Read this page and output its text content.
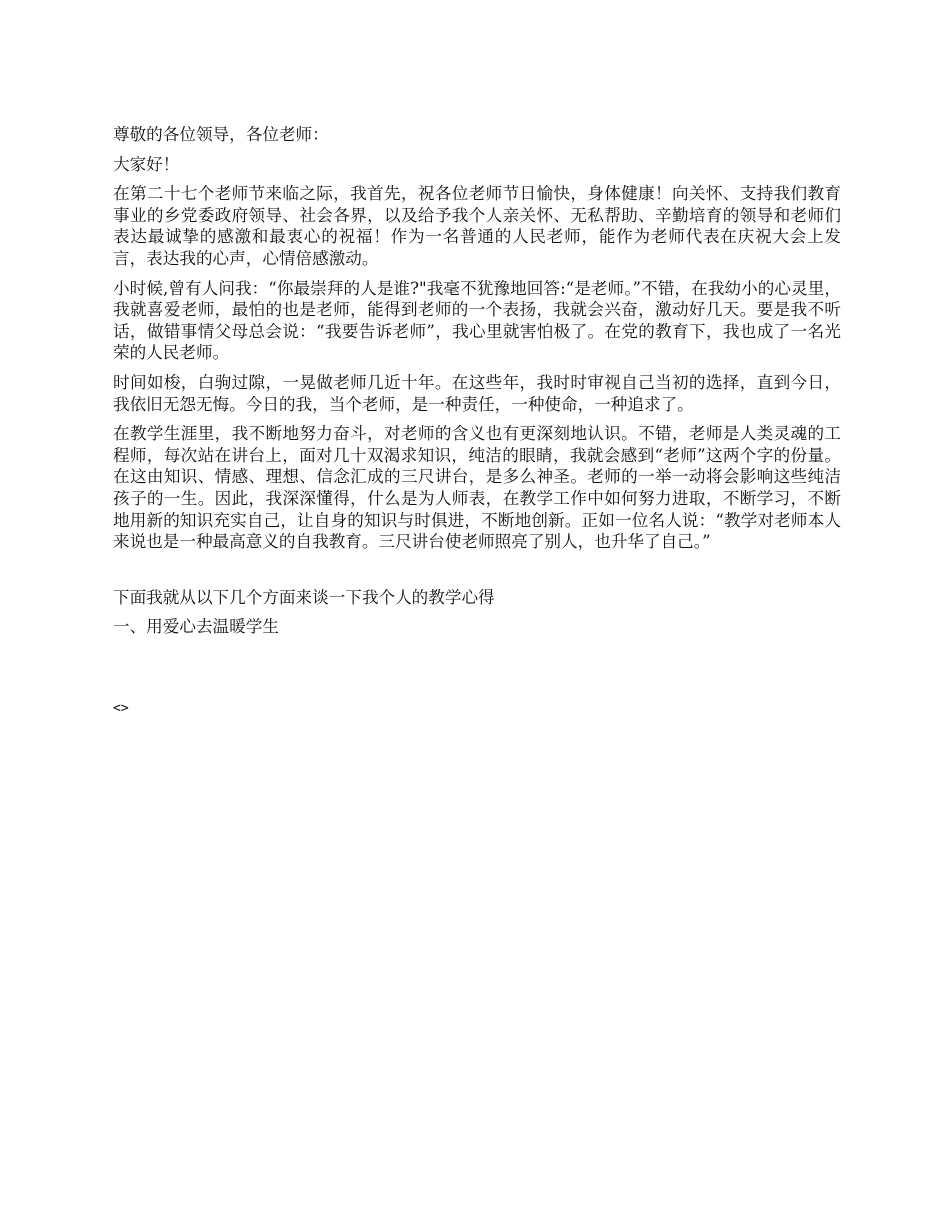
尊敬的各位领导，各位老师：

大家好！

在第二十七个老师节来临之际，我首先，祝各位老师节日愉快，身体健康！向关怀、支持我们教育事业的乡党委政府领导、社会各界，以及给予我个人亲关怀、无私帮助、辛勤培育的领导和老师们表达最诚挚的感激和最衷心的祝福！作为一名普通的人民老师，能作为老师代表在庆祝大会上发言，表达我的心声，心情倍感激动。

小时候,曾有人问我：“你最崇拜的人是谁?"我毫不犹豫地回答:“是老师。”不错，在我幼小的心灵里，我就喜爱老师，最怕的也是老师，能得到老师的一个表扬，我就会兴奋，激动好几天。要是我不听话，做错事情父母总会说：“我要告诉老师”，我心里就害怕极了。在党的教育下，我也成了一名光荣的人民老师。

时间如梭，白驹过隙，一晃做老师几近十年。在这些年，我时时审视自己当初的选择，直到今日，我依旧无怨无悔。今日的我，当个老师，是一种责任，一种使命，一种追求了。

在教学生涯里，我不断地努力奋斗，对老师的含义也有更深刻地认识。不错，老师是人类灵魂的工程师，每次站在讲台上，面对几十双渴求知识，纯洁的眼睛，我就会感到“老师”这两个字的份量。在这由知识、情感、理想、信念汇成的三尺讲台，是多么神圣。老师的一举一动将会影响这些纯洁孩子的一生。因此，我深深懂得，什么是为人师表，在教学工作中如何努力进取，不断学习，不断地用新的知识充实自己，让自身的知识与时俱进，不断地创新。正如一位名人说：“教学对老师本人来说也是一种最高意义的自我教育。三尺讲台使老师照亮了别人，也升华了自己。”

下面我就从以下几个方面来谈一下我个人的教学心得

一、用爱心去温暖学生

<>
